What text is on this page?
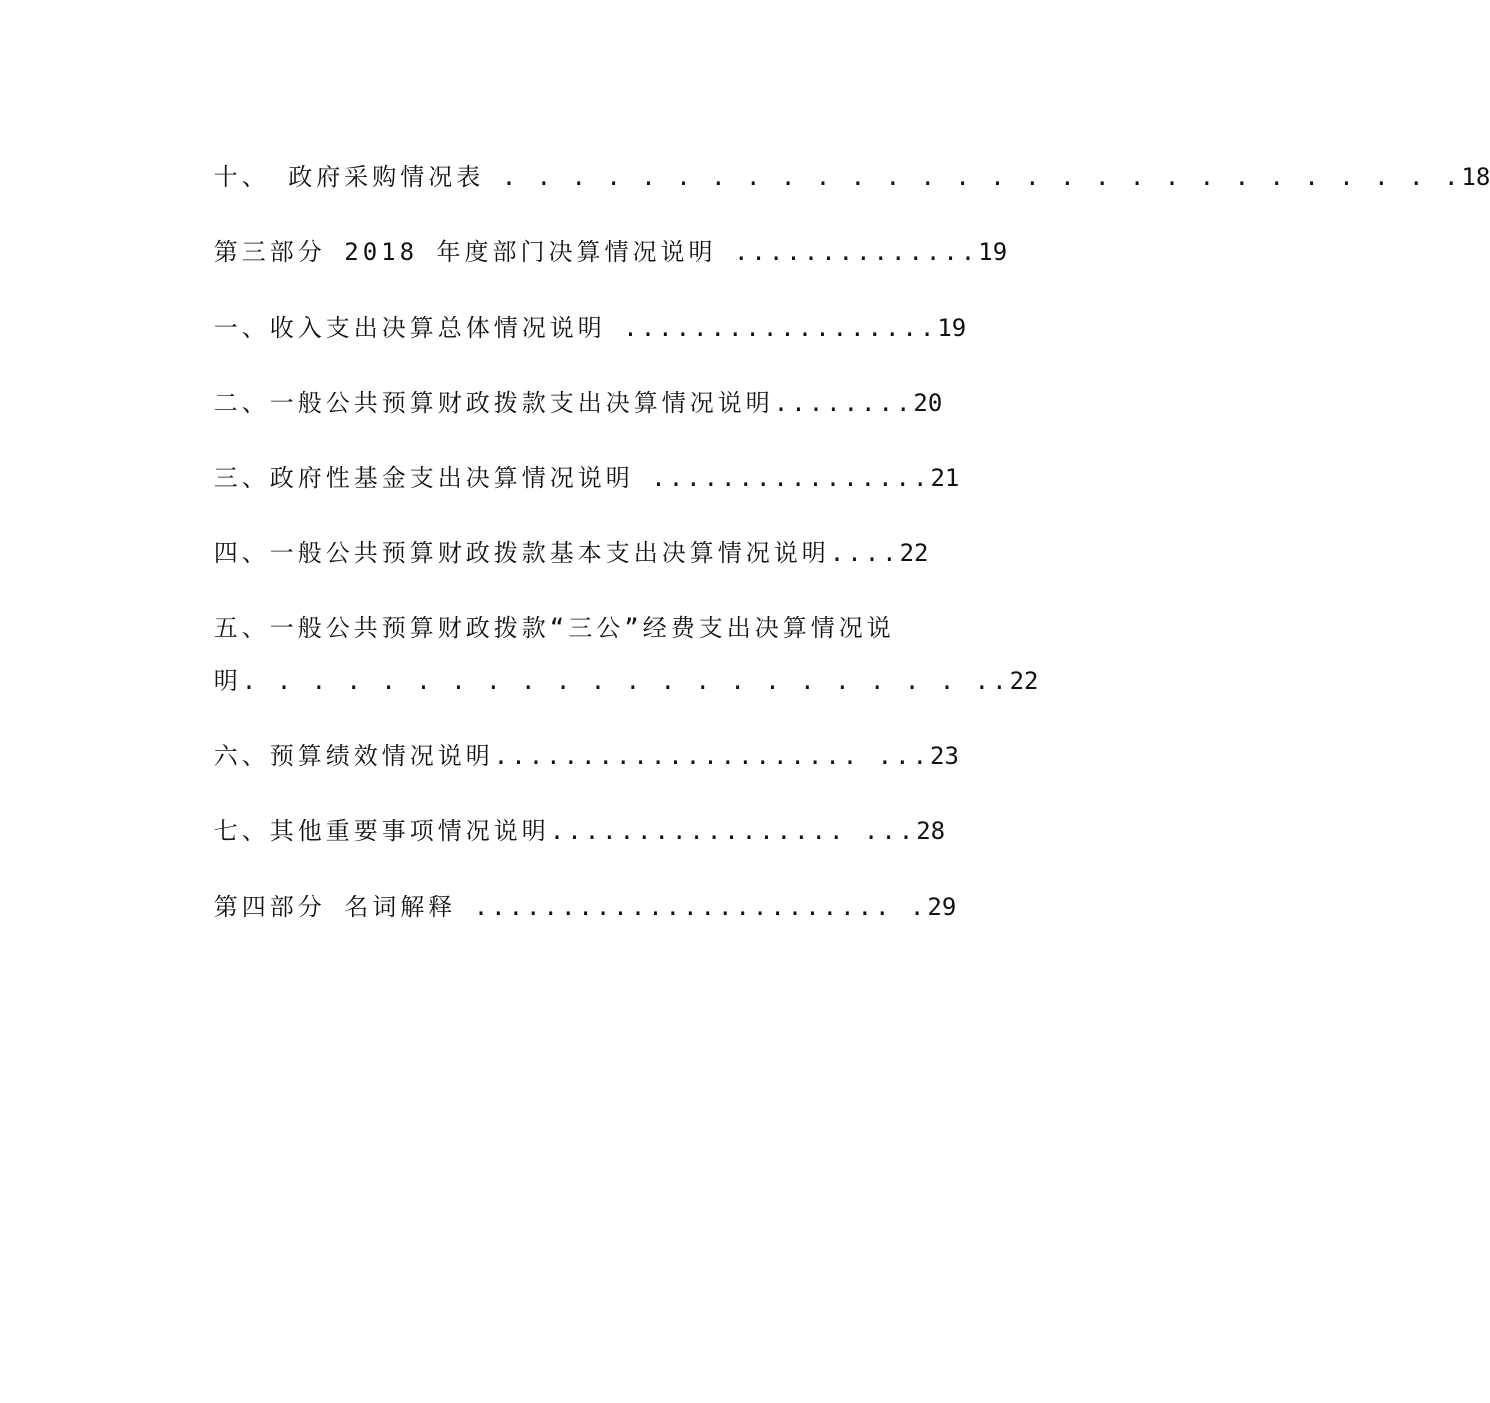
十、 政府采购情况表 . . . . . . . . . . . . . . . . . . . . . . . . . . . .18

第三部分 2018 年度部门决算情况说明 ..............19

一、收入支出决算总体情况说明 ..................19

二、一般公共预算财政拨款支出决算情况说明........20

三、政府性基金支出决算情况说明 ................21

四、一般公共预算财政拨款基本支出决算情况说明....22

五、一般公共预算财政拨款“三公”经费支出决算情况说

明. . . . . . . . . . . . . . . . . . . . . ..22

六、预算绩效情况说明..................... ...23

七、其他重要事项情况说明................. ...28

第四部分 名词解释 ........................ .29
